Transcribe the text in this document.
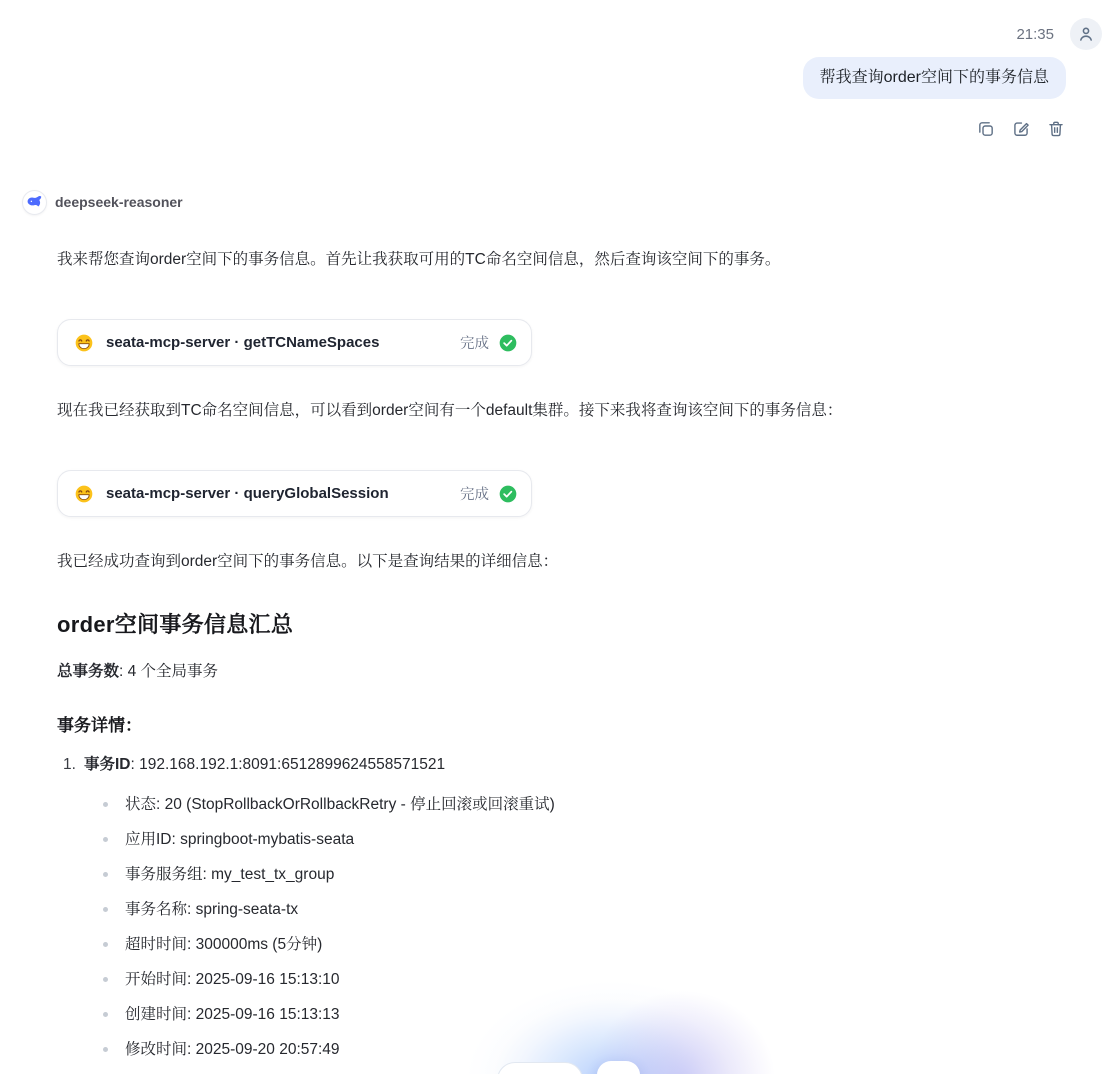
21:35
帮我查询order空间下的事务信息
deepseek-reasoner

我来帮您查询order空间下的事务信息。首先让我获取可用的TC命名空间信息，然后查询该空间下的事务。

seata-mcp-server · getTCNameSpaces	完成

现在我已经获取到TC命名空间信息，可以看到order空间有一个default集群。接下来我将查询该空间下的事务信息：

seata-mcp-server · queryGlobalSession	完成

我已经成功查询到order空间下的事务信息。以下是查询结果的详细信息：

order空间事务信息汇总

总事务数: 4 个全局事务

事务详情：
1. 事务ID: 192.168.192.1:8091:6512899624558571521
状态: 20 (StopRollbackOrRollbackRetry - 停止回滚或回滚重试)
应用ID: springboot-mybatis-seata
事务服务组: my_test_tx_group
事务名称: spring-seata-tx
超时时间: 300000ms (5分钟)
开始时间: 2025-09-16 15:13:10
创建时间: 2025-09-16 15:13:13
修改时间: 2025-09-20 20:57:49
